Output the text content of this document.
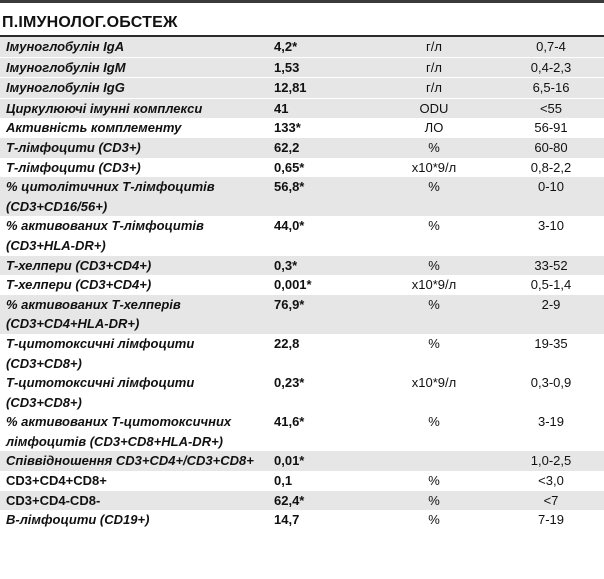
П.ІМУНОЛОГ.ОБСТЕЖ
Імуноглобулін IgA	4,2*	г/л	0,7-4
Імуноглобулін IgM	1,53	г/л	0,4-2,3
Імуноглобулін IgG	12,81	г/л	6,5-16
Циркулюючі імунні комплекси	41	ODU	<55
Активність комплементу	133*	ЛО	56-91
Т-лімфоцити (CD3+)	62,2	%	60-80
Т-лімфоцити (CD3+)	0,65*	x10*9/л	0,8-2,2
% цитолітичних Т-лімфоцитів (CD3+CD16/56+)	56,8*	%	0-10
% активованих Т-лімфоцитів (CD3+HLA-DR+)	44,0*	%	3-10
Т-хелпери (CD3+CD4+)	0,3*	%	33-52
Т-хелпери (CD3+CD4+)	0,001*	x10*9/л	0,5-1,4
% активованих Т-хелперів (CD3+CD4+HLA-DR+)	76,9*	%	2-9
Т-цитотоксичні лімфоцити (CD3+CD8+)	22,8	%	19-35
Т-цитотоксичні лімфоцити (CD3+CD8+)	0,23*	x10*9/л	0,3-0,9
% активованих Т-цитотоксичних лімфоцитів (CD3+CD8+HLA-DR+)	41,6*	%	3-19
Співвідношення CD3+CD4+/CD3+CD8+	0,01*		1,0-2,5
CD3+CD4+CD8+	0,1	%	<3,0
CD3+CD4-CD8-	62,4*	%	<7
В-лімфоцити (CD19+)	14,7	%	7-19
